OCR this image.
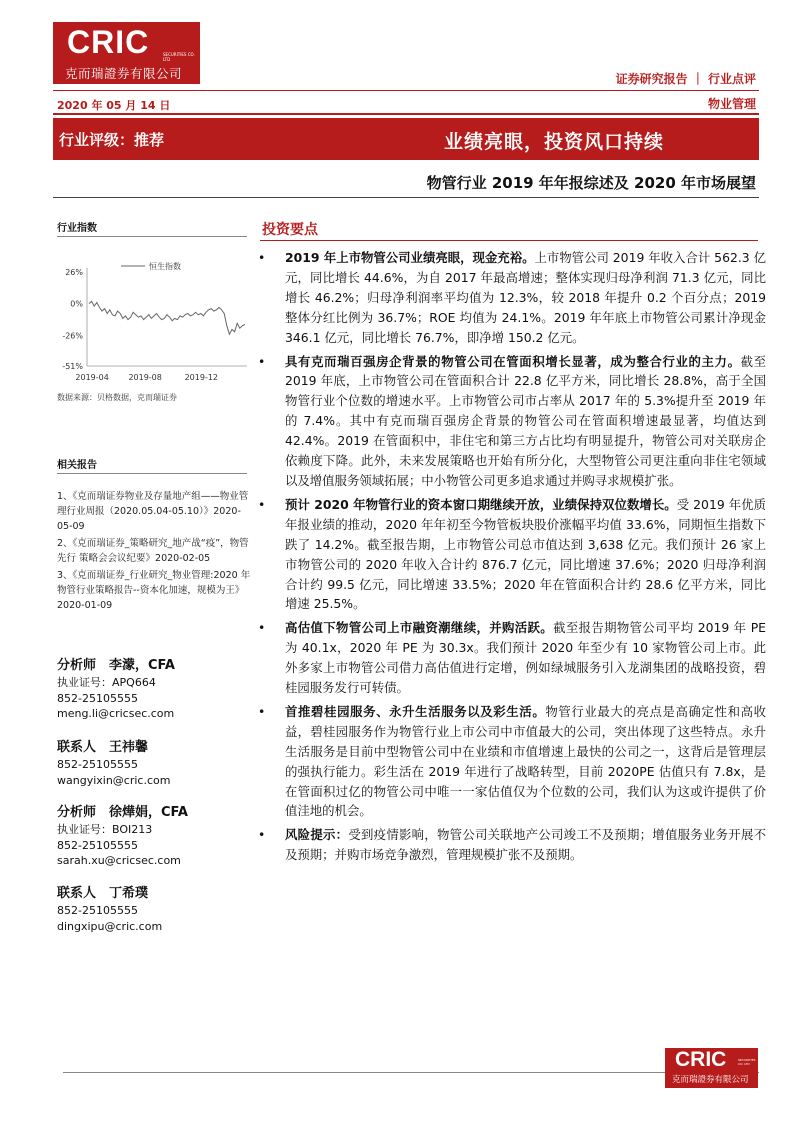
CRIC	SECURITIES CO. LTD
克而瑞證券有限公司	证券研究报告 ｜ 行业点评
2020 年 05 月 14 日	物业管理
行业评级：推荐	业绩亮眼，投资风口持续
物管行业 2019 年年报综述及 2020 年市场展望
行业指数
26%
0%
-26%
-51%
2019-04 2019-08	2019-12
恒生指数
数据来源：贝格数据，克而瑞证券
相关报告

1、《克而瑞证券物业及存量地产组——物业管理行业周报（2020.05.04-05.10）》2020-05-09

2、《克而瑞证券_策略研究_地产战“疫”，物管先行 策略会会议纪要》2020-02-05

3、《克而瑞证券_行业研究_物业管理:2020 年物管行业策略报告--资本化加速，规模为王》2020-01-09

分析师　李濛，CFA
执业证号：APQ664
852-25105555
meng.li@cricsec.com
联系人　王祎馨
852-25105555
wangyixin@cric.com
分析师　徐燁娟，CFA
执业证号：BOI213
852-25105555
sarah.xu@cricsec.com
联系人　丁希璞
852-25105555
dingxipu@cric.com
投资要点
•	2019 年上市物管公司业绩亮眼，现金充裕。上市物管公司 2019 年收入合计 562.3 亿元，同比增长 44.6%，为自 2017 年最高增速；整体实现归母净利润 71.3 亿元，同比增长 46.2%；归母净利润率平均值为 12.3%，较 2018 年提升 0.2 个百分点；2019 整体分红比例为 36.7%；ROE 均值为 24.1%。2019 年年底上市物管公司累计净现金 346.1 亿元，同比增长 76.7%，即净增 150.2 亿元。
•	具有克而瑞百强房企背景的物管公司在管面积增长显著，成为整合行业的主力。截至 2019 年底，上市物管公司在管面积合计 22.8 亿平方米，同比增长 28.8%，高于全国物管行业个位数的增速水平。上市物管公司市占率从 2017 年的 5.3%提升至 2019 年的 7.4%。其中有克而瑞百强房企背景的物管公司在管面积增速最显著，均值达到 42.4%。2019 在管面积中，非住宅和第三方占比均有明显提升，物管公司对关联房企依赖度下降。此外，未来发展策略也开始有所分化，大型物管公司更注重向非住宅领域以及增值服务领域拓展；中小物管公司更多追求通过并购寻求规模扩张。
•	预计 2020 年物管行业的资本窗口期继续开放，业绩保持双位数增长。受 2019 年优质年报业绩的推动，2020 年年初至今物管板块股价涨幅平均值 33.6%，同期恒生指数下跌了 14.2%。截至报告期，上市物管公司总市值达到 3,638 亿元。我们预计 26 家上市物管公司的 2020 年收入合计约 876.7 亿元，同比增速 37.6%；2020 归母净利润合计约 99.5 亿元，同比增速 33.5%；2020 年在管面积合计约 28.6 亿平方米，同比增速 25.5%。
•	高估值下物管公司上市融资潮继续，并购活跃。截至报告期物管公司平均 2019 年 PE 为 40.1x，2020 年 PE 为 30.3x。我们预计 2020 年至少有 10 家物管公司上市。此外多家上市物管公司借力高估值进行定增，例如绿城服务引入龙湖集团的战略投资，碧桂园服务发行可转债。
•	首推碧桂园服务、永升生活服务以及彩生活。物管行业最大的亮点是高确定性和高收益，碧桂园服务作为物管行业上市公司中市值最大的公司，突出体现了这些特点。永升生活服务是目前中型物管公司中在业绩和市值增速上最快的公司之一，这背后是管理层的强执行能力。彩生活在 2019 年进行了战略转型，目前 2020PE 估值只有 7.8x，是在管面积过亿的物管公司中唯一一家估值仅为个位数的公司，我们认为这或许提供了价值洼地的机会。
•	风险提示：受到疫情影响，物管公司关联地产公司竣工不及预期；增值服务业务开展不及预期；并购市场竞争激烈，管理规模扩张不及预期。
CRIC	SECURITIES CO. LTD
克而瑞證券有限公司
